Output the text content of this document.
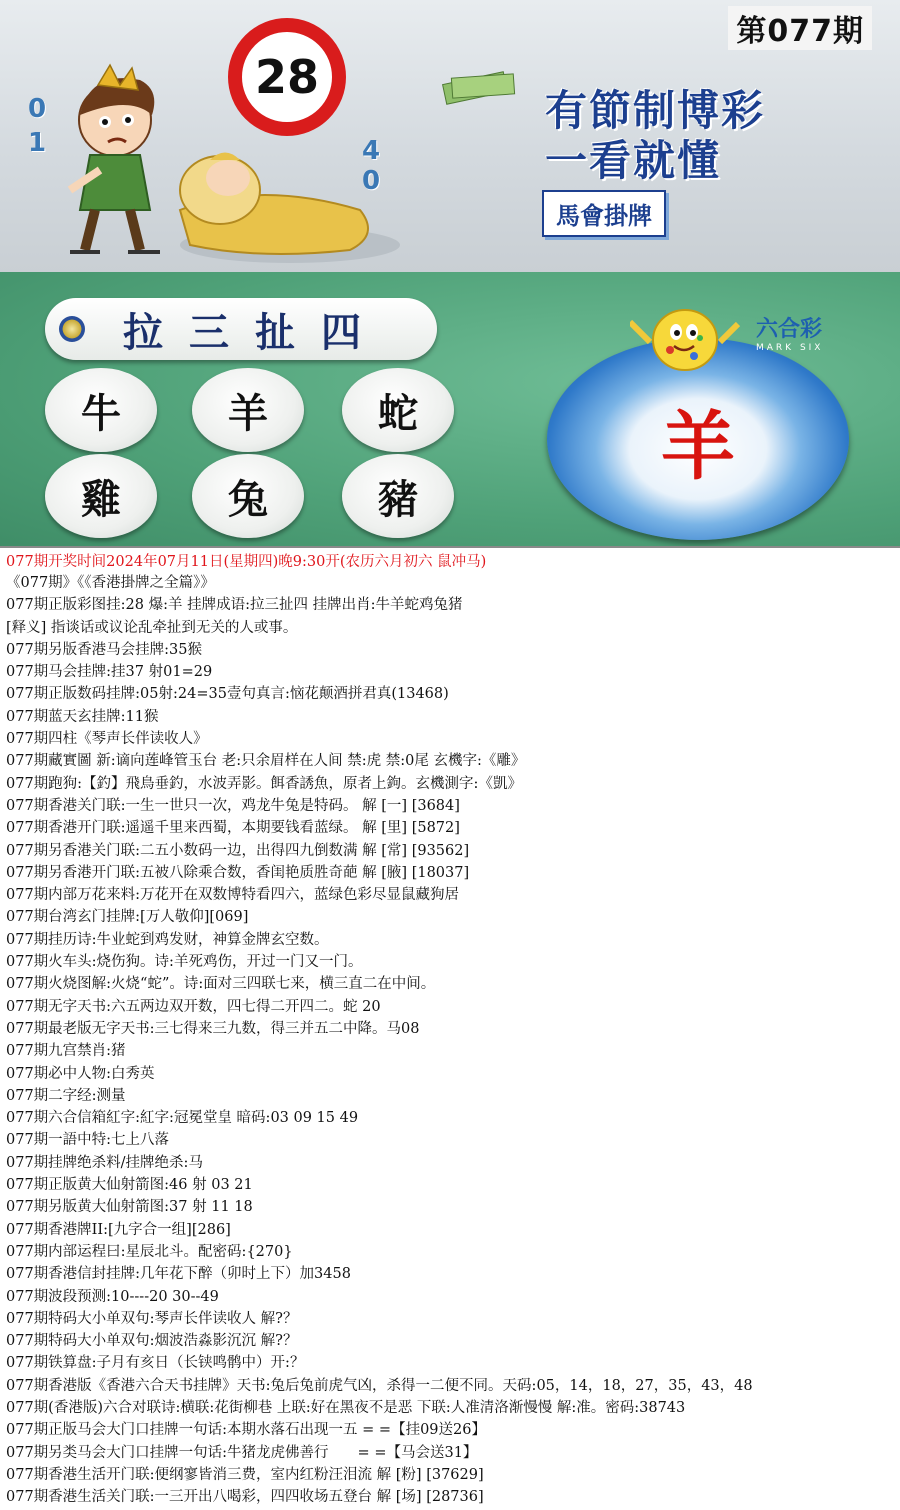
第077期
28
0
1	4
0
有節制博彩
一看就懂
馬會掛牌
拉三扯四
牛	羊	蛇
雞	兔	豬
羊
六合彩
MARK SIX
077期开奖时间2024年07月11日(星期四)晚9:30开(农历六月初六 鼠冲马)
《077期》《《香港掛牌之全篇》》
077期正版彩图挂:28 爆:羊 挂牌成语:拉三扯四 挂牌出肖:牛羊蛇鸡兔猪
[释义] 指谈话或议论乱牵扯到无关的人或事。
077期另版香港马会挂牌:35猴
077期马会挂牌:挂37 射01=29
077期正版数码挂牌:05射:24=35壹句真言:恼花颠酒拼君真(13468)
077期蓝天玄挂牌:11猴
077期四柱《琴声长伴读收人》
077期藏實圖 新:谪向莲峰管玉台 老:只余眉样在人间 禁:虎 禁:0尾 玄機字:《雕》
077期跑狗:【釣】飛鳥垂釣，水波弄影。餌香誘魚，原者上鉤。玄機測字:《凱》
077期香港关门联:一生一世只一次，鸡龙牛兔是特码。 解 [一] [3684]
077期香港开门联:遥遥千里来西蜀，本期要钱看蓝绿。 解 [里] [5872]
077期另香港关门联:二五小数码一边，出得四九倒数满 解 [常] [93562]
077期另香港开门联:五被八除乘合数，香闺艳质胜奇葩 解 [腋] [18037]
077期内部万花来料:万花开在双数博特看四六，蓝绿色彩尽显鼠藏狗居
077期台湾玄门挂牌:[万人敬仰][069]
077期挂历诗:牛业蛇到鸡发财，神算金牌玄空数。
077期火车头:烧伤狗。诗:羊死鸡伤，开过一门又一门。
077期火烧图解:火烧“蛇”。诗:面对三四联七来，横三直二在中间。
077期无字天书:六五两边双开数，四七得二开四二。蛇 20
077期最老版无字天书:三七得来三九数，得三并五二中降。马08
077期九宫禁肖:猪
077期必中人物:白秀英
077期二字经:测量
077期六合信箱紅字:紅字:冠冕堂皇 暗码:03 09 15 49
077期一語中特:七上八落
077期挂牌绝杀料/挂牌绝杀:马
077期正版黄大仙射箭图:46 射 03 21
077期另版黄大仙射箭图:37 射 11 18
077期香港牌II:[九字合一组][286]
077期内部运程曰:星辰北斗。配密码:{270}
077期香港信封挂牌:几年花下醉（卯时上下）加3458
077期波段预测:10----20 30--49
077期特码大小单双句:琴声长伴读收人 解?？
077期特码大小单双句:烟波浩淼影沉沉 解?？
077期铁算盘:子月有亥日（长铗鸣鹘中）开:？
077期香港版《香港六合天书挂牌》天书:兔后兔前虎气凶，杀得一二便不同。天码:05，14，18，27，35，43，48
077期(香港版)六合对联诗:横联:花街柳巷 上联:好在黑夜不是恶 下联:人准清洛渐慢慢 解:准。密码:38743
077期正版马会大门口挂牌一句话:本期水落石出现一五 = =【挂09送26】
077期另类马会大门口挂牌一句话:牛猪龙虎佛善行　　= =【马会送31】
077期香港生活开门联:便纲寥皆消三费，室内红粉汪泪流 解 [粉] [37629]
077期香港生活关门联:一三开出八喝彩，四四收场五登台 解 [场] [28736]
